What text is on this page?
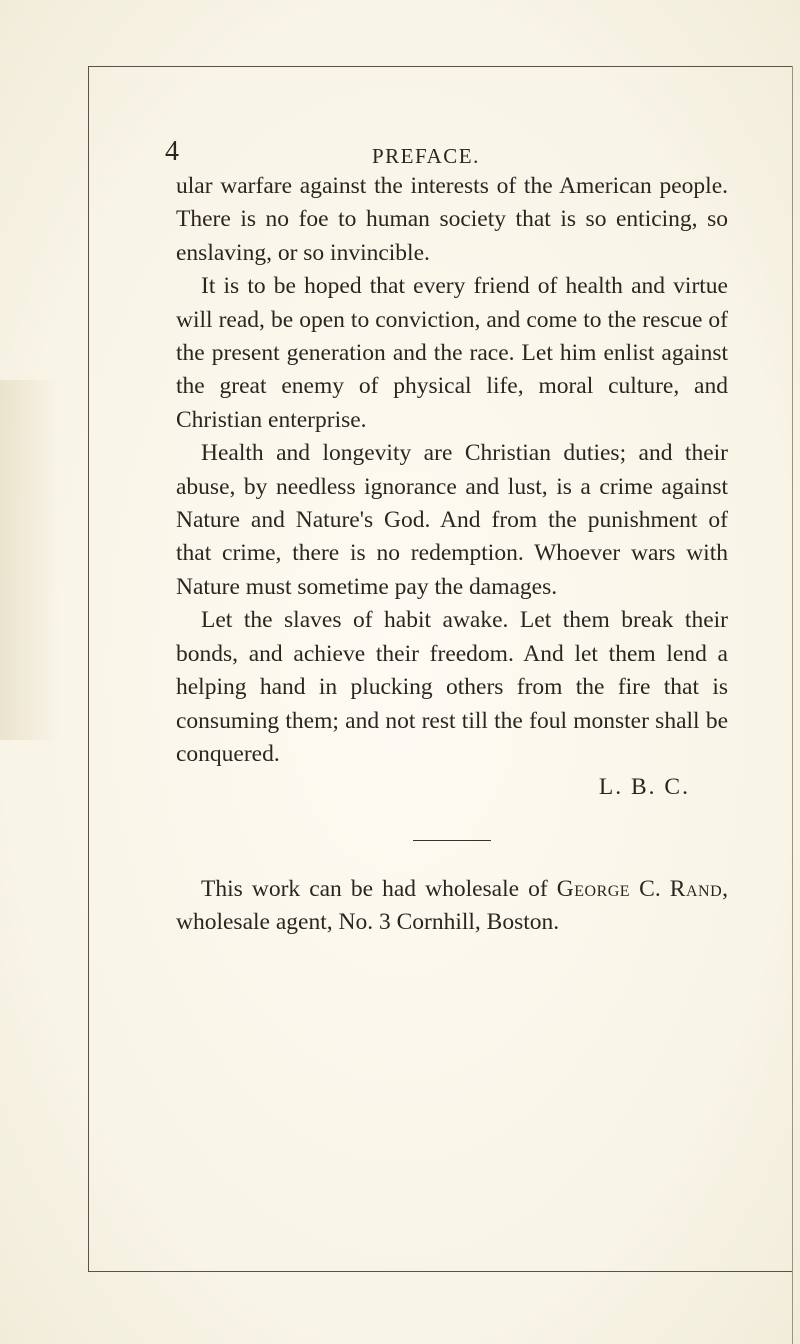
4	PREFACE.

ular warfare against the interests of the American people. There is no foe to human society that is so enticing, so enslaving, or so invincible.

It is to be hoped that every friend of health and virtue will read, be open to conviction, and come to the rescue of the present generation and the race. Let him enlist against the great enemy of physical life, moral culture, and Christian enterprise.

Health and longevity are Christian duties; and their abuse, by needless ignorance and lust, is a crime against Nature and Nature's God. And from the punishment of that crime, there is no redemption. Whoever wars with Nature must sometime pay the damages.

Let the slaves of habit awake. Let them break their bonds, and achieve their freedom. And let them lend a helping hand in plucking others from the fire that is consuming them; and not rest till the foul monster shall be conquered.

L. B. C.

This work can be had wholesale of George C. Rand, wholesale agent, No. 3 Cornhill, Boston.
